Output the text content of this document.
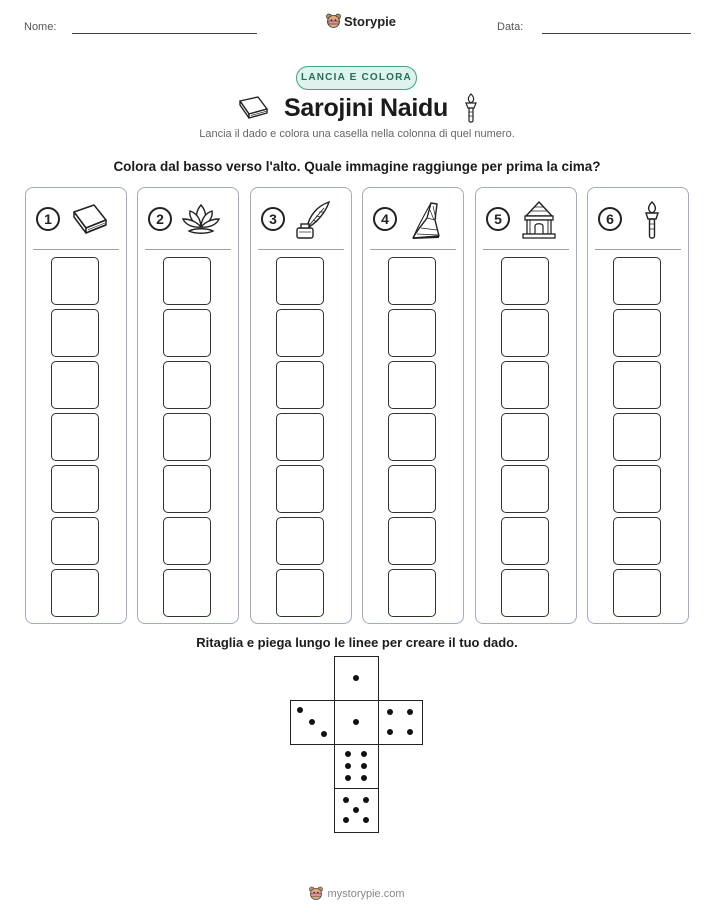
Nome:	Storypie	Data:
LANCIA E COLORA
Sarojini Naidu
Lancia il dado e colora una casella nella colonna di quel numero.
Colora dal basso verso l'alto. Quale immagine raggiunge per prima la cima?
1	2	3	4	5	6
Ritaglia e piega lungo le linee per creare il tuo dado.
mystorypie.com
